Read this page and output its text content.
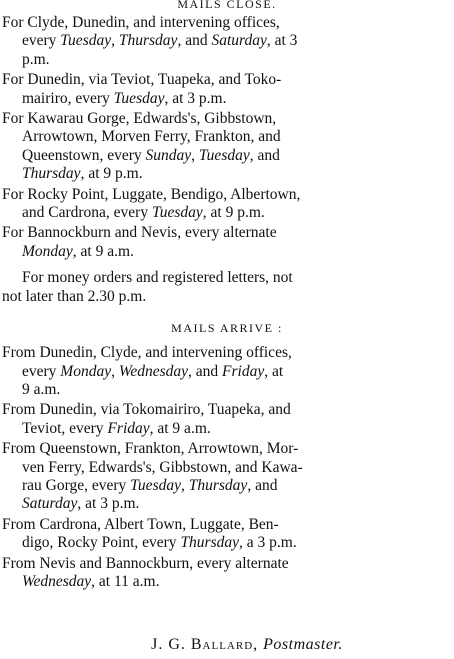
MAILS CLOSE.
For Clyde, Dunedin, and intervening offices,
every Tuesday, Thursday, and Saturday, at 3
p.m.
For Dunedin, via Teviot, Tuapeka, and Toko-
mairiro, every Tuesday, at 3 p.m.
For Kawarau Gorge, Edwards's, Gibbstown,
Arrowtown, Morven Ferry, Frankton, and
Queenstown, every Sunday, Tuesday, and
Thursday, at 9 p.m.
For Rocky Point, Luggate, Bendigo, Albertown,
and Cardrona, every Tuesday, at 9 p.m.
For Bannockburn and Nevis, every alternate
Monday, at 9 a.m.
For money orders and registered letters, not
not later than 2.30 p.m.
MAILS ARRIVE :
From Dunedin, Clyde, and intervening offices,
every Monday, Wednesday, and Friday, at
9 a.m.
From Dunedin, via Tokomairiro, Tuapeka, and
Teviot, every Friday, at 9 a.m.
From Queenstown, Frankton, Arrowtown, Mor-
ven Ferry, Edwards's, Gibbstown, and Kawa-
rau Gorge, every Tuesday, Thursday, and
Saturday, at 3 p.m.
From Cardrona, Albert Town, Luggate, Ben-
digo, Rocky Point, every Thursday, a 3 p.m.
From Nevis and Bannockburn, every alternate
Wednesday, at 11 a.m.
J. G. Ballard, Postmaster.
